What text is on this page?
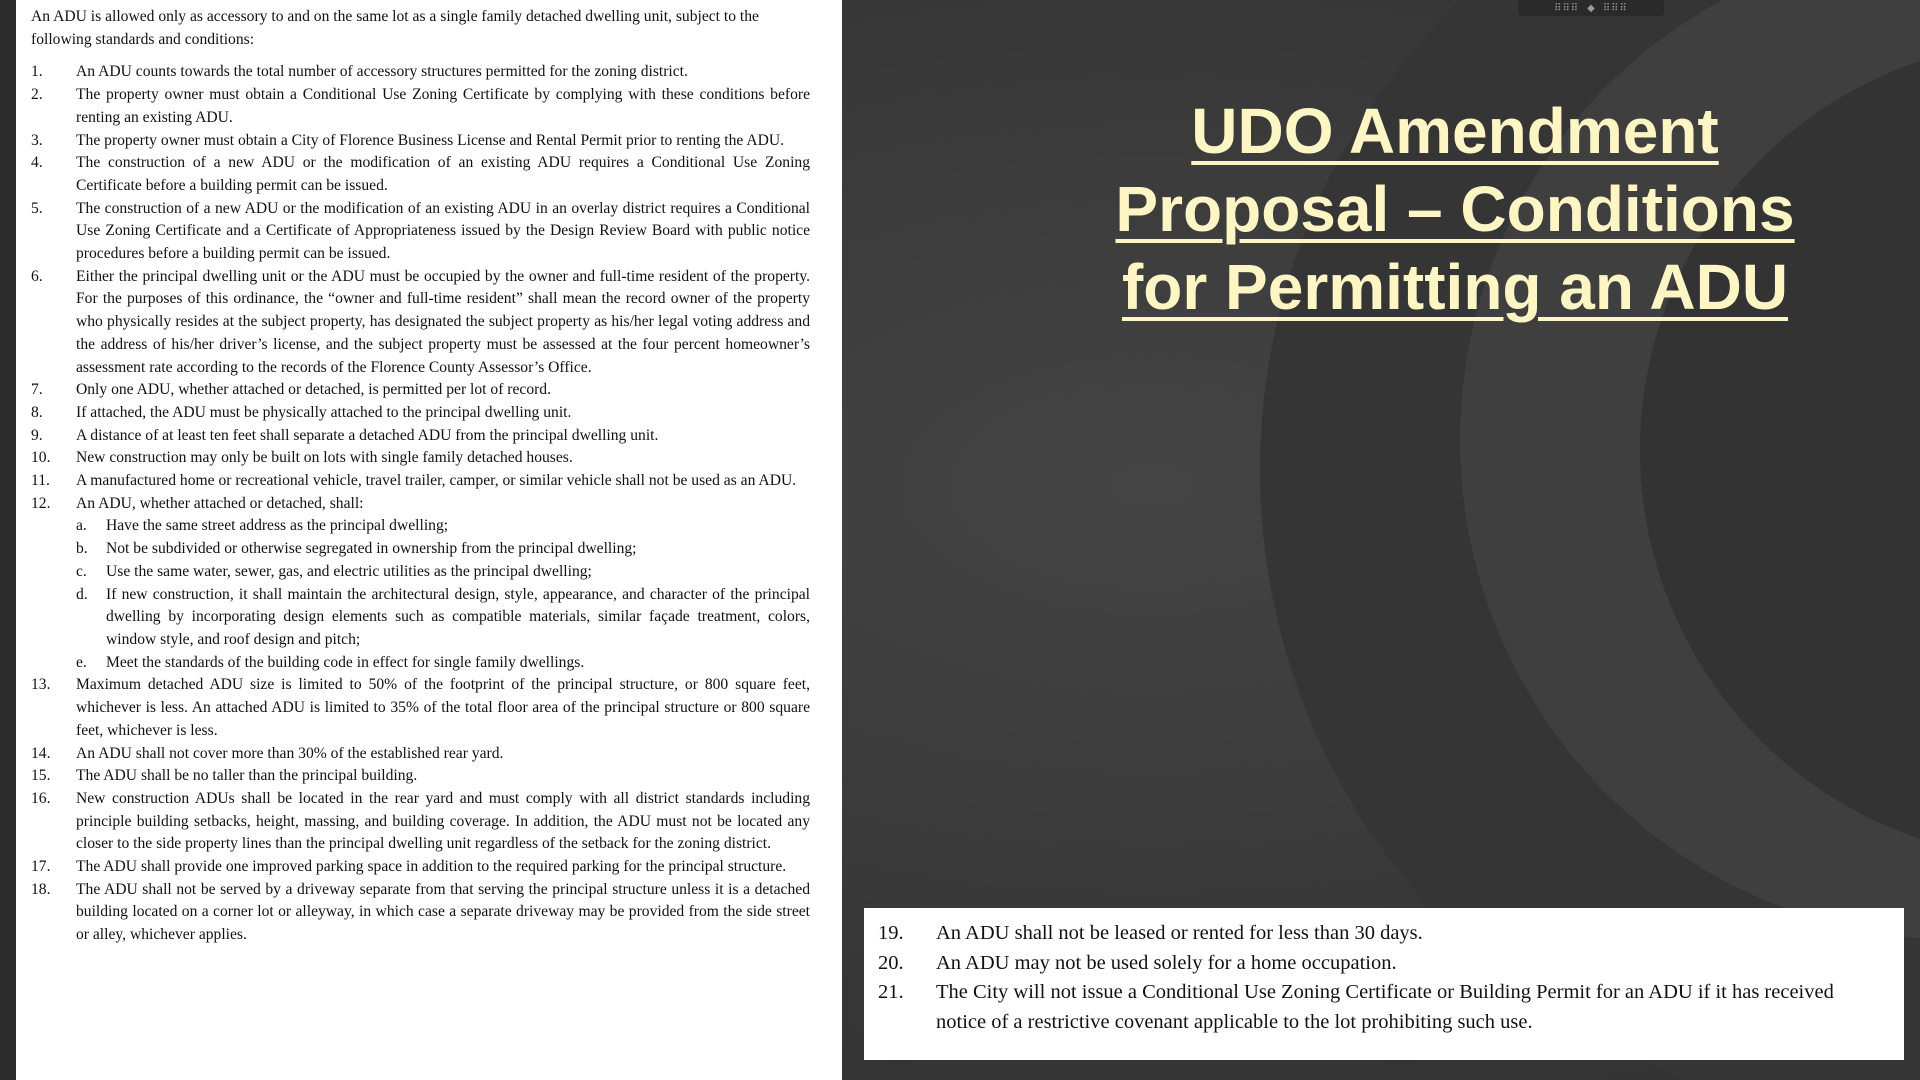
⠿⠿⠿ ◆ ⠿⠿⠿

An ADU is allowed only as accessory to and on the same lot as a single family detached dwelling unit, subject to the following standards and conditions:

1. An ADU counts towards the total number of accessory structures permitted for the zoning district.
2. The property owner must obtain a Conditional Use Zoning Certificate by complying with these conditions before renting an existing ADU.
3. The property owner must obtain a City of Florence Business License and Rental Permit prior to renting the ADU.
4. The construction of a new ADU or the modification of an existing ADU requires a Conditional Use Zoning Certificate before a building permit can be issued.
5. The construction of a new ADU or the modification of an existing ADU in an overlay district requires a Conditional Use Zoning Certificate and a Certificate of Appropriateness issued by the Design Review Board with public notice procedures before a building permit can be issued.
6. Either the principal dwelling unit or the ADU must be occupied by the owner and full-time resident of the property. For the purposes of this ordinance, the “owner and full-time resident” shall mean the record owner of the property who physically resides at the subject property, has designated the subject property as his/her legal voting address and the address of his/her driver’s license, and the subject property must be assessed at the four percent homeowner’s assessment rate according to the records of the Florence County Assessor’s Office.
7. Only one ADU, whether attached or detached, is permitted per lot of record.
8. If attached, the ADU must be physically attached to the principal dwelling unit.
9. A distance of at least ten feet shall separate a detached ADU from the principal dwelling unit.
10. New construction may only be built on lots with single family detached houses.
11. A manufactured home or recreational vehicle, travel trailer, camper, or similar vehicle shall not be used as an ADU.
12. An ADU, whether attached or detached, shall:
a. Have the same street address as the principal dwelling;
b. Not be subdivided or otherwise segregated in ownership from the principal dwelling;
c. Use the same water, sewer, gas, and electric utilities as the principal dwelling;
d. If new construction, it shall maintain the architectural design, style, appearance, and character of the principal dwelling by incorporating design elements such as compatible materials, similar façade treatment, colors, window style, and roof design and pitch;
e. Meet the standards of the building code in effect for single family dwellings.
13. Maximum detached ADU size is limited to 50% of the footprint of the principal structure, or 800 square feet, whichever is less. An attached ADU is limited to 35% of the total floor area of the principal structure or 800 square feet, whichever is less.
14. An ADU shall not cover more than 30% of the established rear yard.
15. The ADU shall be no taller than the principal building.
16. New construction ADUs shall be located in the rear yard and must comply with all district standards including principle building setbacks, height, massing, and building coverage. In addition, the ADU must not be located any closer to the side property lines than the principal dwelling unit regardless of the setback for the zoning district.
17. The ADU shall provide one improved parking space in addition to the required parking for the principal structure.
18. The ADU shall not be served by a driveway separate from that serving the principal structure unless it is a detached building located on a corner lot or alleyway, in which case a separate driveway may be provided from the side street or alley, whichever applies.
UDO Amendment Proposal – Conditions for Permitting an ADU
19. An ADU shall not be leased or rented for less than 30 days.
20. An ADU may not be used solely for a home occupation.
21. The City will not issue a Conditional Use Zoning Certificate or Building Permit for an ADU if it has received notice of a restrictive covenant applicable to the lot prohibiting such use.
